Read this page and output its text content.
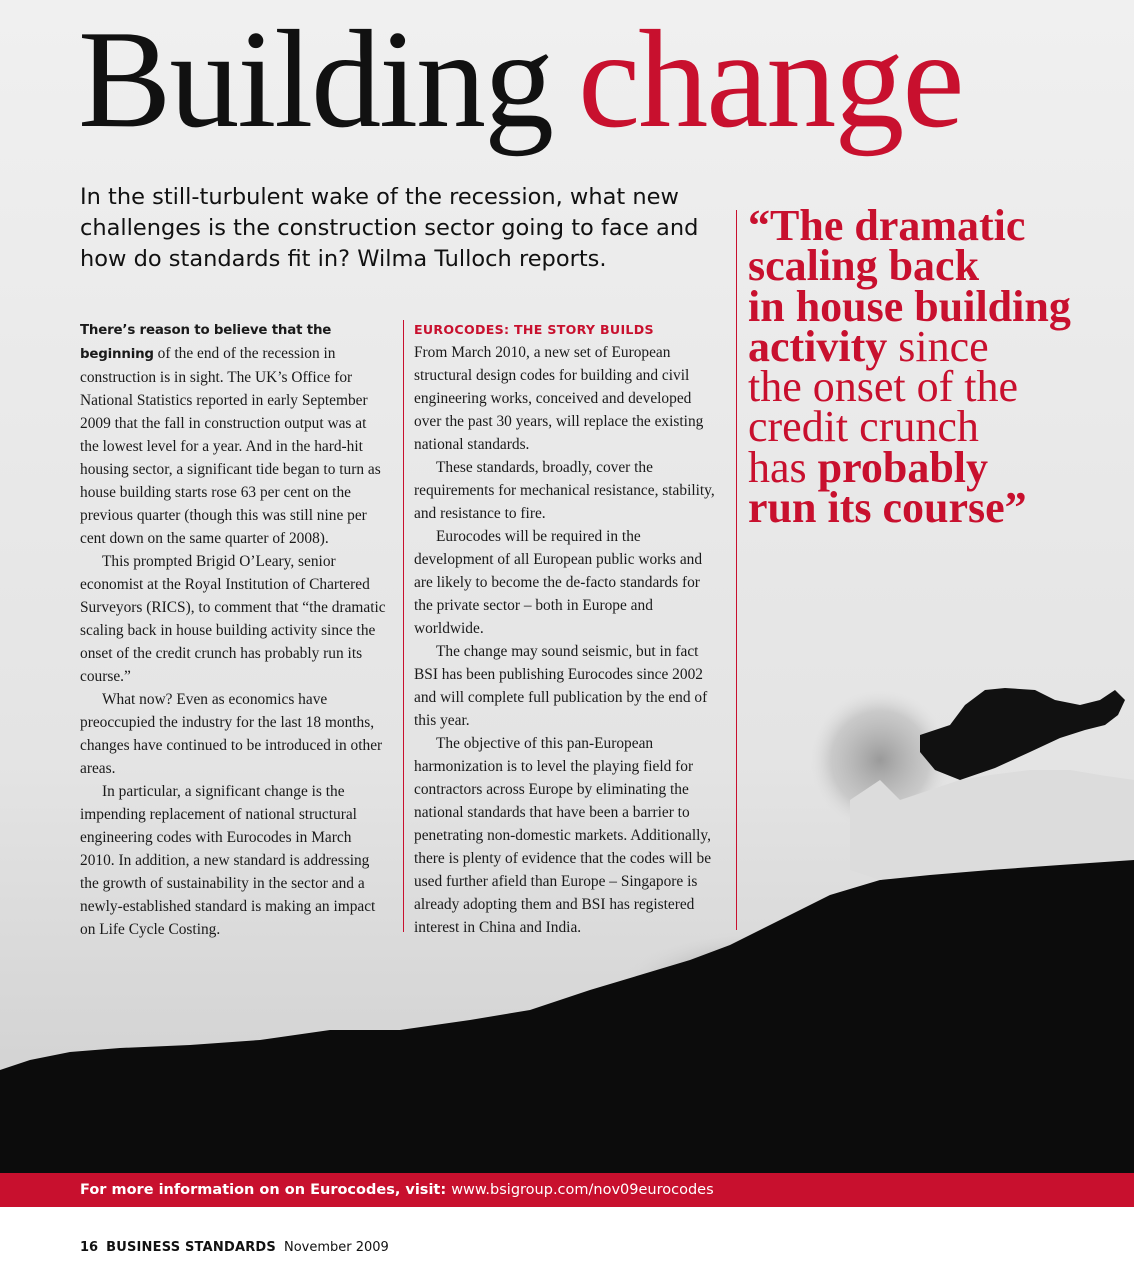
Building change
In the still-turbulent wake of the recession, what new challenges is the construction sector going to face and how do standards fit in? Wilma Tulloch reports.

There’s reason to believe that the beginning of the end of the recession in construction is in sight. The UK’s Office for National Statistics reported in early September 2009 that the fall in construction output was at the lowest level for a year. And in the hard-hit housing sector, a significant tide began to turn as house building starts rose 63 per cent on the previous quarter (though this was still nine per cent down on the same quarter of 2008).

This prompted Brigid O’Leary, senior economist at the Royal Institution of Chartered Surveyors (RICS), to comment that “the dramatic scaling back in house building activity since the onset of the credit crunch has probably run its course.”

What now? Even as economics have preoccupied the industry for the last 18 months, changes have continued to be introduced in other areas.

In particular, a significant change is the impending replacement of national structural engineering codes with Eurocodes in March 2010. In addition, a new standard is addressing the growth of sustainability in the sector and a newly-established standard is making an impact on Life Cycle Costing.

EUROCODES: THE STORY BUILDS

From March 2010, a new set of European structural design codes for building and civil engineering works, conceived and developed over the past 30 years, will replace the existing national standards.

These standards, broadly, cover the requirements for mechanical resistance, stability, and resistance to fire.

Eurocodes will be required in the development of all European public works and are likely to become the de-facto standards for the private sector – both in Europe and worldwide.

The change may sound seismic, but in fact BSI has been publishing Eurocodes since 2002 and will complete full publication by the end of this year.

The objective of this pan-European harmonization is to level the playing field for contractors across Europe by eliminating the national standards that have been a barrier to penetrating non-domestic markets. Additionally, there is plenty of evidence that the codes will be used further afield than Europe – Singapore is already adopting them and BSI has registered interest in China and India.

“The dramatic
scaling back
in house building
activity since
the onset of the
credit crunch
has probably
run its course”
For more information on on Eurocodes, visit: www.bsigroup.com/nov09eurocodes
16 BUSINESS STANDARDS November 2009
